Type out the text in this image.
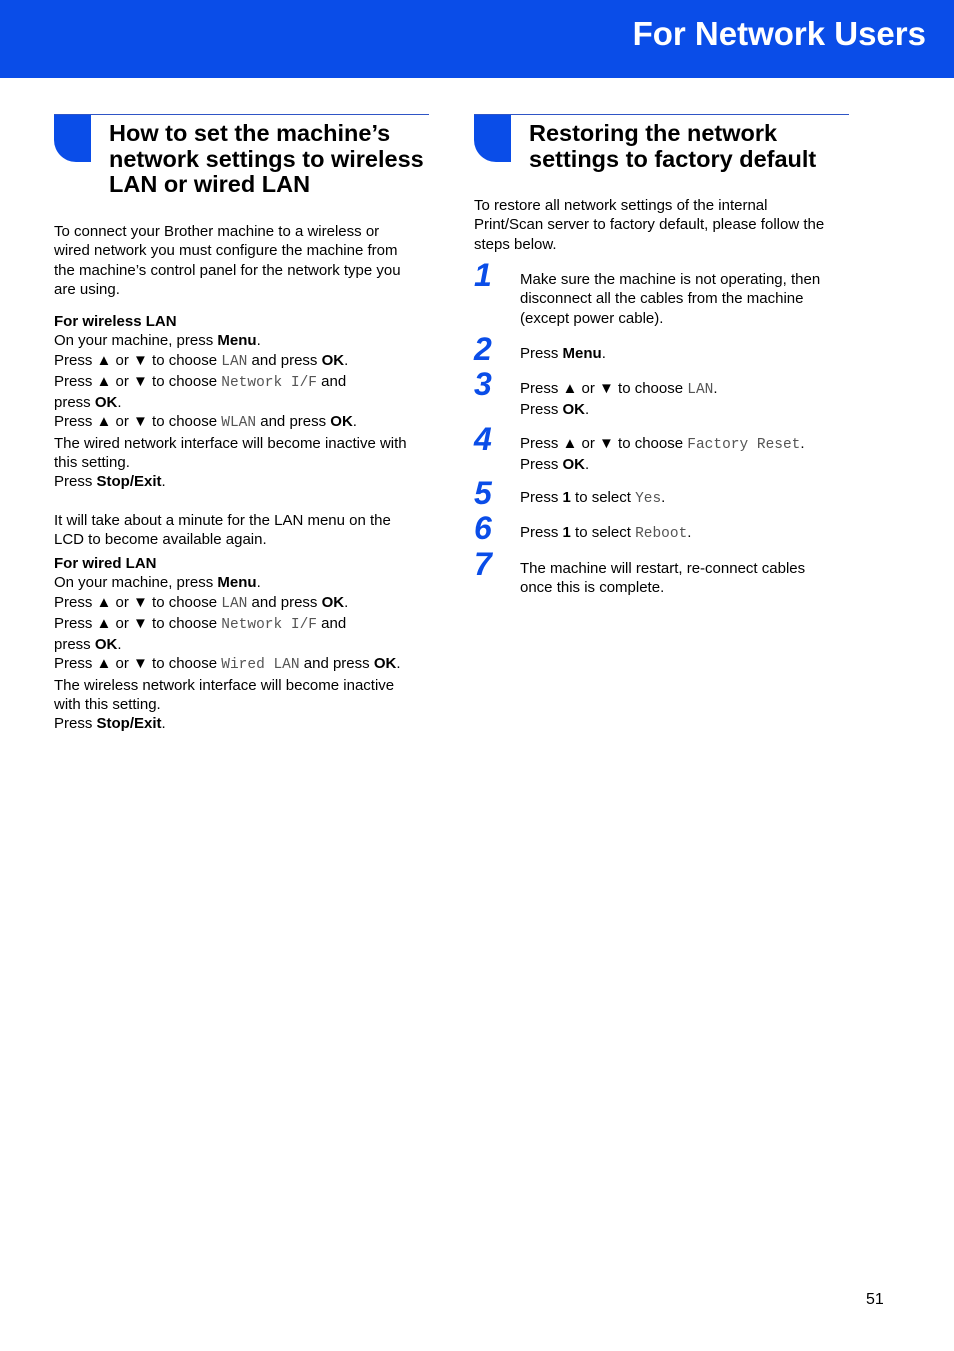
For Network Users
How to set the machine’s
network settings to wireless
LAN or wired LAN

To connect your Brother machine to a wireless or

wired network you must configure the machine from

the machine’s control panel for the network type you

are using.

For wireless LAN

On your machine, press Menu.

Press ▲ or ▼ to choose LAN and press OK.

Press ▲ or ▼ to choose Network I/F and

press OK.

Press ▲ or ▼ to choose WLAN and press OK.

The wired network interface will become inactive with

this setting.

Press Stop/Exit.

It will take about a minute for the LAN menu on the

LCD to become available again.

For wired LAN

On your machine, press Menu.

Press ▲ or ▼ to choose LAN and press OK.

Press ▲ or ▼ to choose Network I/F and

press OK.

Press ▲ or ▼ to choose Wired LAN and press OK.

The wireless network interface will become inactive

with this setting.

Press Stop/Exit.

Restoring the network
settings to factory default

To restore all network settings of the internal

Print/Scan server to factory default, please follow the

steps below.

1 Make sure the machine is not operating, then

disconnect all the cables from the machine

(except power cable).

2 Press Menu.

3 Press ▲ or ▼ to choose LAN.

Press OK.

4 Press ▲ or ▼ to choose Factory Reset.

Press OK.

5 Press 1 to select Yes.

6 Press 1 to select Reboot.

7 The machine will restart, re-connect cables

once this is complete.

51
